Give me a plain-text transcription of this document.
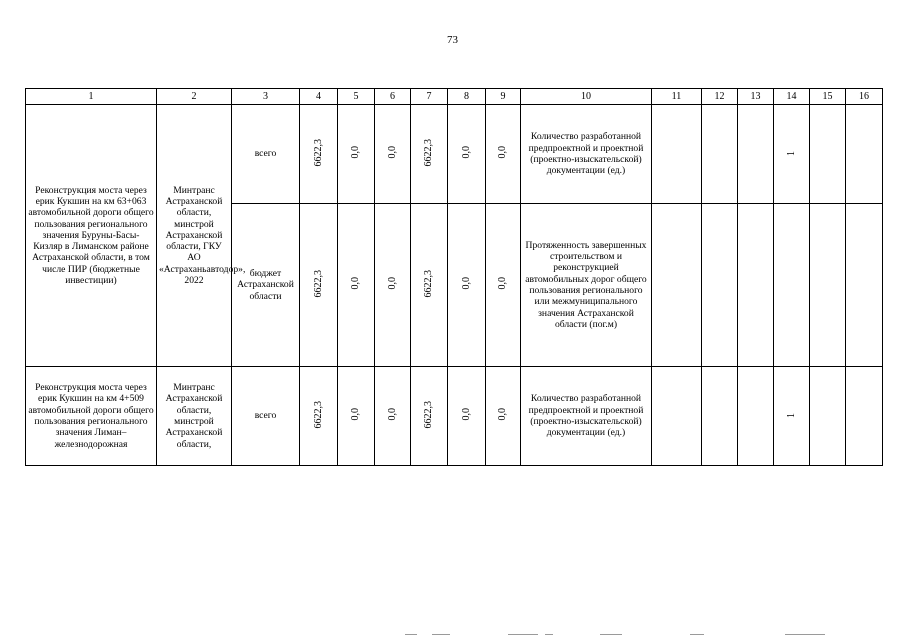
73
1	2	3	4	5	6	7	8	9	10	11	12	13	14	15	16
Реконструкция моста через ерик Кукшин на км 63+063 автомобильной дороги общего пользования регионального значения Буруны-Басы-Кизляр в Лиманском районе Астраханской области, в том числе ПИР (бюджетные инвестиции)	Минтранс Астраханской области, минстрой Астраханской области, ГКУ АО «Астраханьавтодор», 2022	всего	6622,3	0,0	0,0	6622,3	0,0	0,0	Количество разработанной предпроектной и проектной (проектно-изыскательской) документации (ед.)				1		
		бюджет Астраханской области	6622,3	0,0	0,0	6622,3	0,0	0,0	Протяженность завершенных строительством и реконструкцией автомобильных дорог общего пользования регионального или межмуниципального значения Астраханской области (пог.м)						
Реконструкция моста через ерик Кукшин на км 4+509 автомобильной дороги общего пользования регионального значения Лиман–железнодорожная	Минтранс Астраханской области, минстрой Астраханской области,	всего	6622,3	0,0	0,0	6622,3	0,0	0,0	Количество разработанной предпроектной и проектной (проектно-изыскательской) документации (ед.)				1		
